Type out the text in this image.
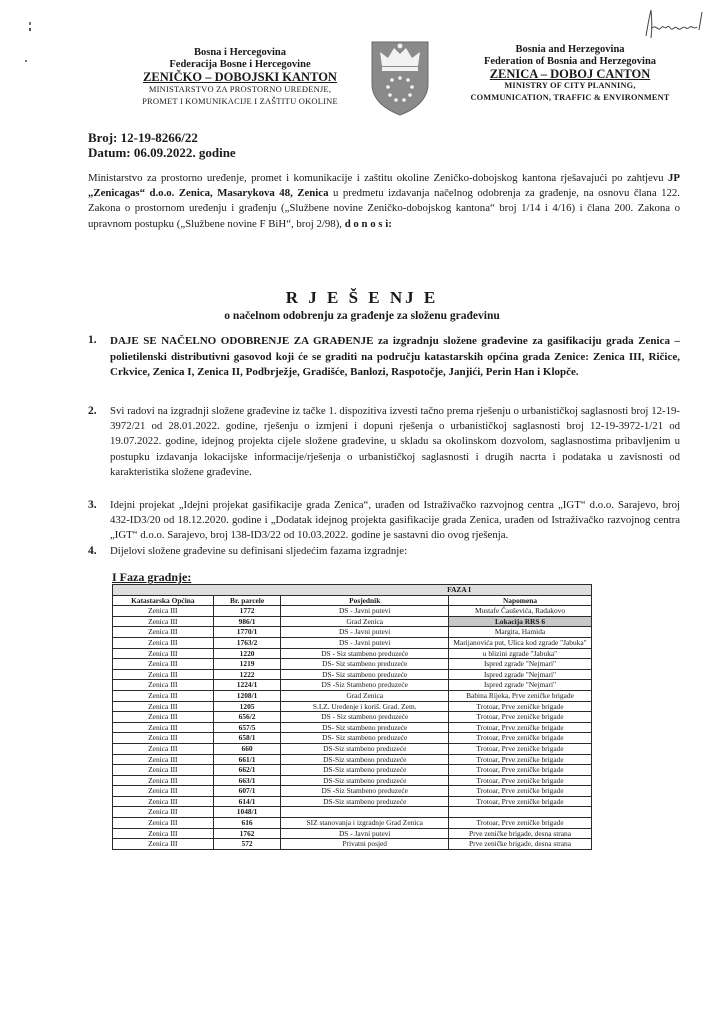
Bosna i Hercegovina
Federacija Bosne i Hercegovine
ZENIČKO – DOBOJSKI KANTON
MINISTARSTVO ZA PROSTORNO UREĐENJE,
PROMET I KOMUNIKACIJE I ZAŠTITU OKOLINE
Bosnia and Herzegovina
Federation of Bosnia and Herzegovina
ZENICA – DOBOJ CANTON
MINISTRY OF CITY PLANNING,
COMMUNICATION, TRAFFIC & ENVIRONMENT
Broj: 12-19-8266/22
Datum: 06.09.2022. godine
Ministarstvo za prostorno uređenje, promet i komunikacije i zaštitu okoline Zeničko-dobojskog kantona rješavajući po zahtjevu JP „Zenicagas“ d.o.o. Zenica, Masarykova 48, Zenica u predmetu izdavanja načelnog odobrenja za građenje, na osnovu člana 122. Zakona o prostornom uređenju i građenju („Službene novine Zeničko-dobojskog kantona“ broj 1/14 i 4/16) i člana 200. Zakona o upravnom postupku („Službene novine F BiH“, broj 2/98), d o n o s i:
R J E Š E NJ E
o načelnom odobrenju za građenje za složenu građevinu
1. DAJE SE NAČELNO ODOBRENJE ZA GRAĐENJE za izgradnju složene građevine za gasifikaciju grada Zenica – polietilenski distributivni gasovod koji će se graditi na području katastarskih općina grada Zenice: Zenica III, Ričice, Crkvice, Zenica I, Zenica II, Podbrježje, Gradišće, Banlozi, Raspotočje, Janjići, Perin Han i Klopče.
2. Svi radovi na izgradnji složene građevine iz tačke 1. dispozitiva izvesti tačno prema rješenju o urbanističkoj saglasnosti broj 12-19-3972/21 od 28.01.2022. godine, rješenju o izmjeni i dopuni rješenja o urbanističkoj saglasnosti broj 12-19-3972-1/21 od 19.07.2022. godine, idejnog projekta cijele složene građevine, u skladu sa okolinskom dozvolom, saglasnostima pribavljenim u postupku izdavanja lokacijske informacije/rješenja o urbanističkoj saglasnosti i drugih nacrta i podataka u zavisnosti od karakteristika složene građevine.
3. Idejni projekat „Idejni projekat gasifikacije grada Zenica“, urađen od Istraživačko razvojnog centra „IGT“ d.o.o. Sarajevo, broj 432-ID3/20 od 18.12.2020. godine i „Dodatak idejnog projekta gasifikacije grada Zenica, urađen od Istraživačko razvojnog centra „IGT“ d.o.o. Sarajevo, broj 138-ID3/22 od 10.03.2022. godine je sastavni dio ovog rješenja.
4. Dijelovi složene građevine su definisani sljedećim fazama izgradnje:
I Faza gradnje:
FAZA I			
Katastarska Općina	Br. parcele	Posjednik	Napomena
Zenica III	1772	DS - Javni putevi	Mustafe Čauševića, Radakovo
Zenica III	986/1	Grad Zenica	Lokacija RRS 6
Zenica III	1770/1	DS - Javni putevi	Margita, Hamida
Zenica III	1763/2	DS - Javni putevi	Marijanovića put, Ulica kod zgrade "Jabuka"
Zenica III	1220	DS - Siz stambeno preduzeće	u blizini zgrade "Jabuka"
Zenica III	1219	DS- Siz stambeno preduzeće	Ispred zgrade "Nejmari"
Zenica III	1222	DS- Siz stambeno preduzeće	Ispred zgrade "Nejmari"
Zenica III	1224/1	DS -Siz Stambeno preduzeće	Ispred zgrade "Nejmari"
Zenica III	1208/1	Grad Zenica	Babina Rijeka, Prve zeničke brigade
Zenica III	1205	S.I.Z. Uređenje i koriš. Grad. Zem.	Trotoar, Prve zeničke brigade
Zenica III	656/2	DS - Siz stambeno preduzeće	Trotoar, Prve zeničke brigade
Zenica III	657/5	DS- Siz stambeno preduzeće	Trotoar, Prve zeničke brigade
Zenica III	658/1	DS- Siz stambeno preduzeće	Trotoar, Prve zeničke brigade
Zenica III	660	DS-Siz stambeno preduzeće	Trotoar, Prve zeničke brigade
Zenica III	661/1	DS-Siz stambeno preduzeće	Trotoar, Prve zeničke brigade
Zenica III	662/1	DS-Siz stambeno preduzeće	Trotoar, Prve zeničke brigade
Zenica III	663/1	DS-Siz stambeno preduzeće	Trotoar, Prve zeničke brigade
Zenica III	607/1	DS -Siz Stambeno preduzeće	Trotoar, Prve zeničke brigade
Zenica III	614/1	DS-Siz stambeno preduzeće	Trotoar, Prve zeničke brigade
Zenica III	1048/1		
Zenica III	616	SIZ stanovanja i izgradnje Grad Zenica	Trotoar, Prve zeničke brigade
Zenica III	1762	DS - Javni putevi	Prve zeničke brigade, desna strana
Zenica III	572	Privatni posjed	Prve zeničke brigade, desna strana
